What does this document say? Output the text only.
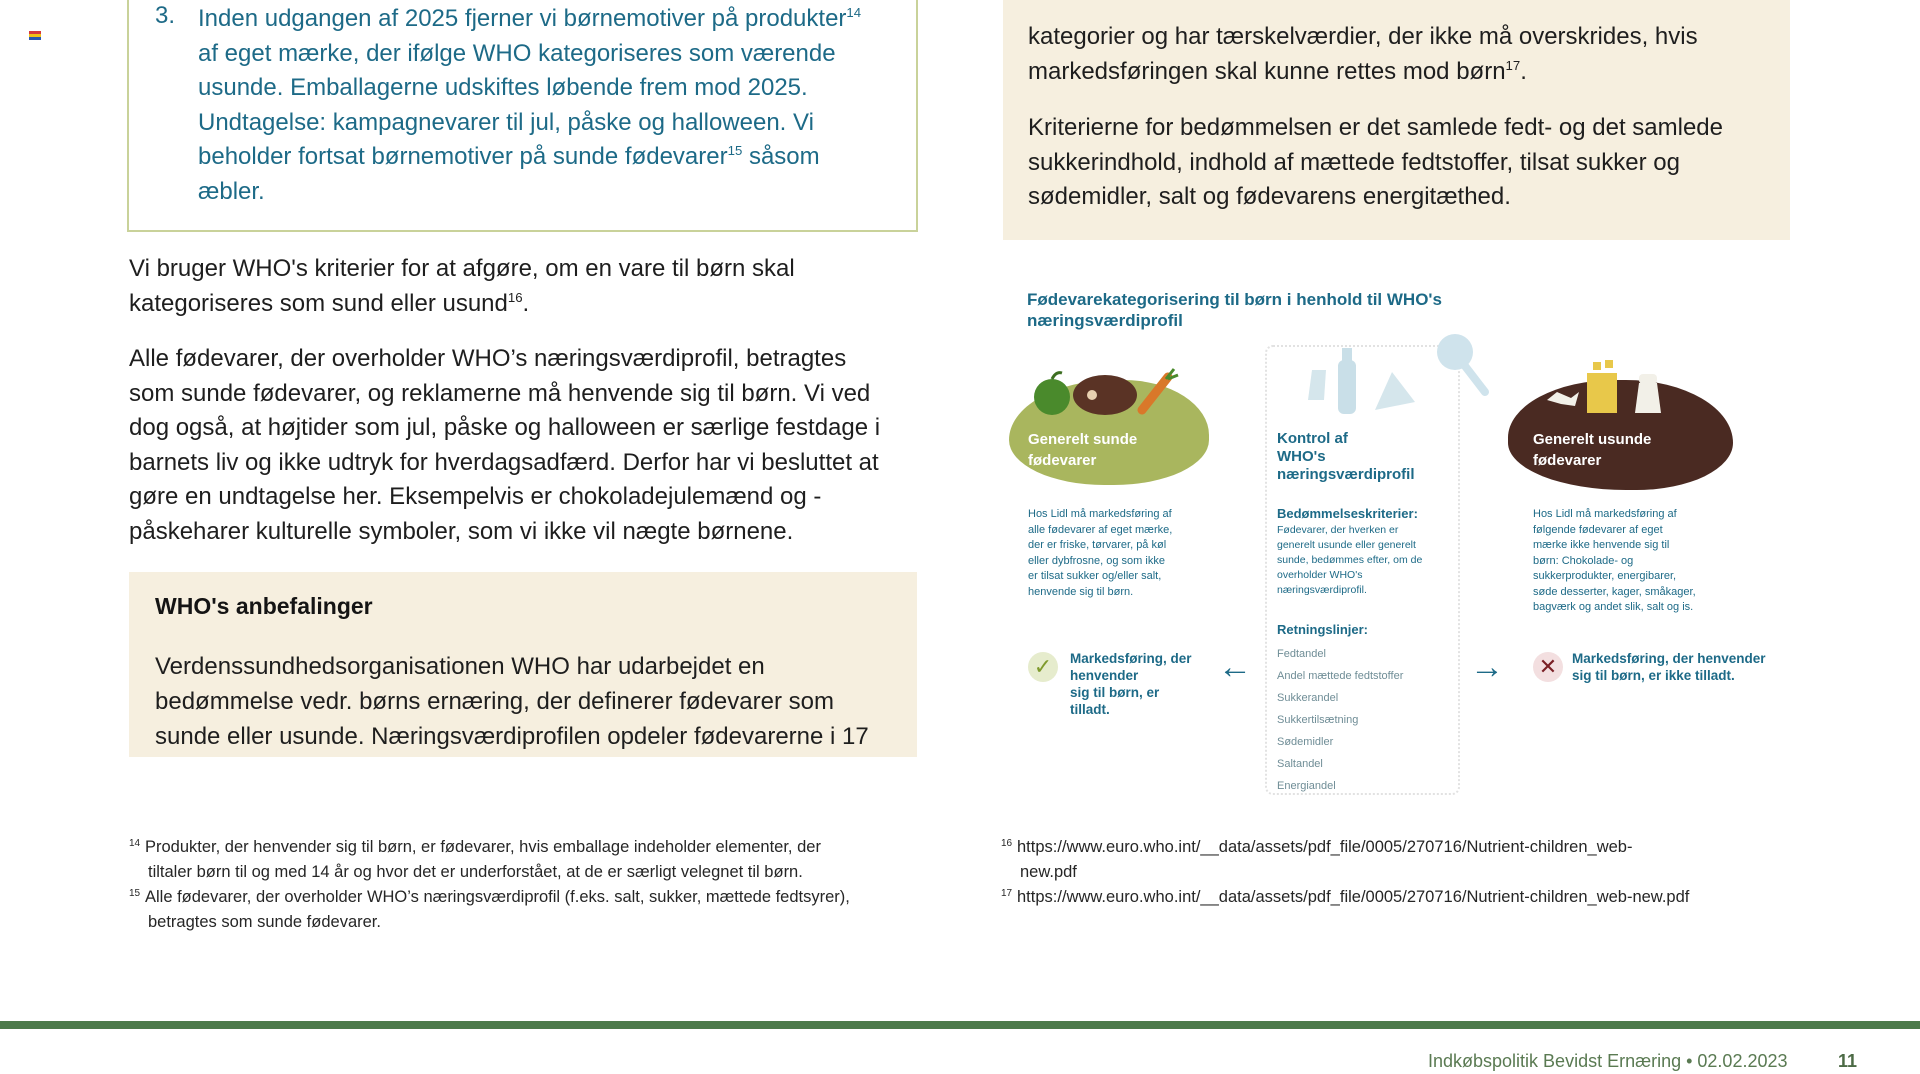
3. Inden udgangen af 2025 fjerner vi børnemotiver på produkter$^{14}$
af eget mærke, der ifølge WHO kategoriseres som værende
usunde. Emballagerne udskiftes løbende frem mod 2025.
Undtagelse: kampagnevarer til jul, påske og halloween. Vi
beholder fortsat børnemotiver på sunde fødevarer$^{15}$ såsom
æbler.
Vi bruger WHO's kriterier for at afgøre, om en vare til børn skal
kategoriseres som sund eller usund$^{16}$.
Alle fødevarer, der overholder WHO’s næringsværdiprofil, betragtes
som sunde fødevarer, og reklamerne må henvende sig til børn. Vi ved
dog også, at højtider som jul, påske og halloween er særlige festdage i
barnets liv og ikke udtryk for hverdagsadfærd. Derfor har vi besluttet at
gøre en undtagelse her. Eksempelvis er chokoladejulemænd og -
påskeharer kulturelle symboler, som vi ikke vil nægte børnene.
WHO's anbefalinger
Verdenssundhedsorganisationen WHO har udarbejdet en
bedømmelse vedr. børns ernæring, der definerer fødevarer som
sunde eller usunde. Næringsværdiprofilen opdeler fødevarerne i 17
kategorier og har tærskelværdier, der ikke må overskrides, hvis
markedsføringen skal kunne rettes mod børn$^{17}$.
Kriterierne for bedømmelsen er det samlede fedt- og det samlede
sukkerindhold, indhold af mættede fedtstoffer, tilsat sukker og
sødemidler, salt og fødevarens energitæthed.
Fødevarekategorisering til børn i henhold til WHO's
næringsværdiprofil
Generelt sunde
fødevarer
Hos Lidl må markedsføring af
alle fødevarer af eget mærke,
der er friske, tørvarer, på køl
eller dybfrosne, og som ikke
er tilsat sukker og/eller salt,
henvende sig til børn.
Kontrol af
WHO's
næringsværdiprofil
Bedømmelseskriterier:
Fødevarer, der hverken er
generelt usunde eller generelt
sunde, bedømmes efter, om de
overholder WHO's
næringsværdiprofil.
Retningslinjer:
Fedtandel
Andel mættede fedtstoffer
Sukkerandel
Sukkertilsætning
Sødemidler
Saltandel
Energiandel
Generelt usunde
fødevarer
Hos Lidl må markedsføring af
følgende fødevarer af eget
mærke ikke henvende sig til
børn: Chokolade- og
sukkerprodukter, energibarer,
søde desserter, kager, småkager,
bagværk og andet slik, salt og is.
✓	Markedsføring, der
henvender
sig til børn, er
tilladt.
←	→ ✕	Markedsføring, der henvender
sig til børn, er ikke tilladt.
14 Produkter, der henvender sig til børn, er fødevarer, hvis emballage indeholder elementer, der
tiltaler børn til og med 14 år og hvor det er underforstået, at de er særligt velegnet til børn.
15 Alle fødevarer, der overholder WHO’s næringsværdiprofil (f.eks. salt, sukker, mættede fedtsyrer),
betragtes som sunde fødevarer.
16 https://www.euro.who.int/__data/assets/pdf_file/0005/270716/Nutrient-children_web-
new.pdf
17 https://www.euro.who.int/__data/assets/pdf_file/0005/270716/Nutrient-children_web-new.pdf
Indkøbspolitik Bevidst Ernæring • 02.02.2023	11
